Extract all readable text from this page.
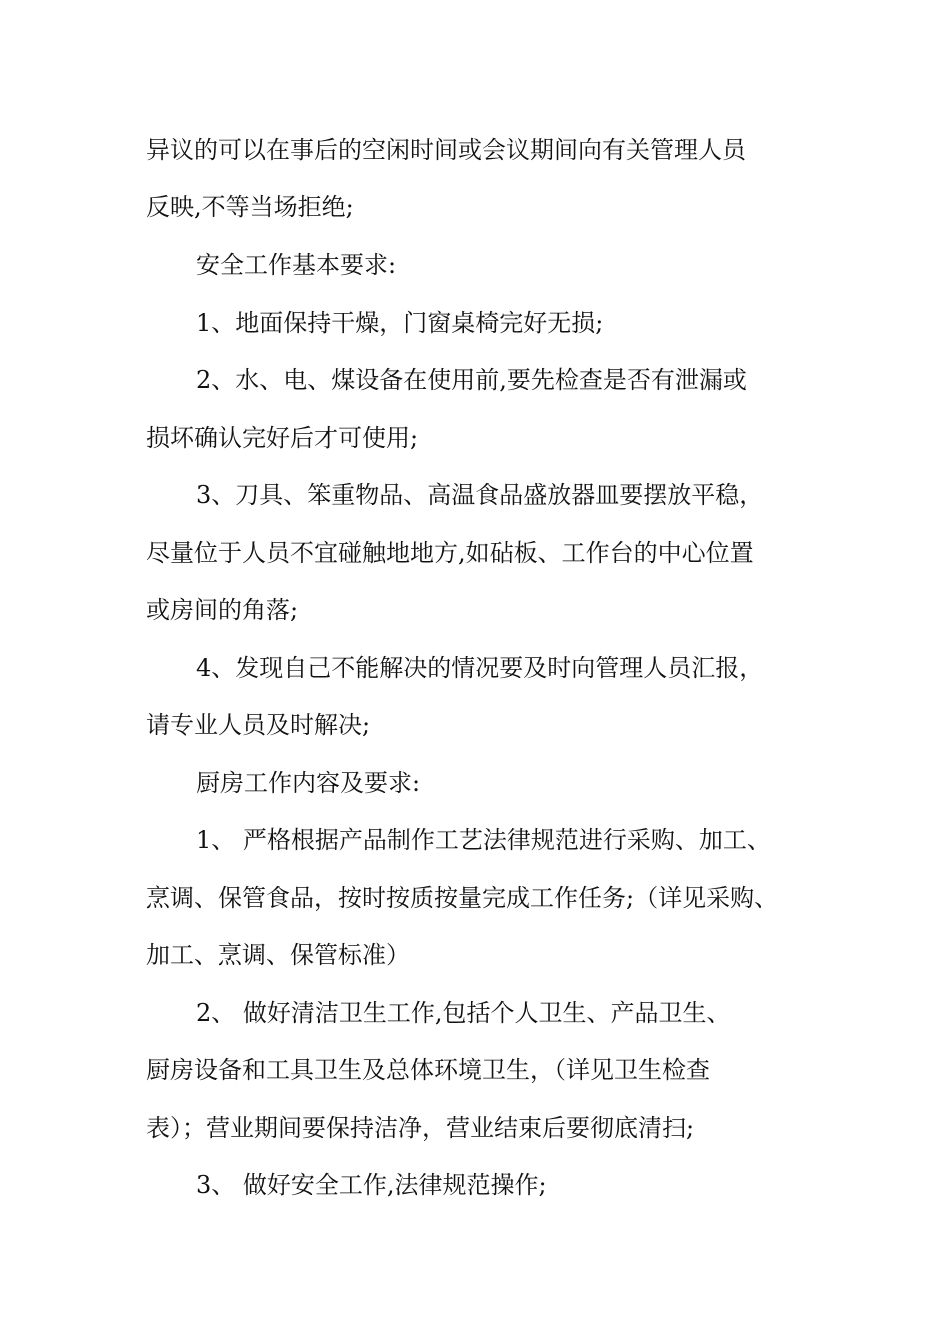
异议的可以在事后的空闲时间或会议期间向有关管理人员
反映,不等当场拒绝;
安全工作基本要求:
1、地面保持干燥，门窗桌椅完好无损;
2、水、电、煤设备在使用前,要先检查是否有泄漏或
损坏确认完好后才可使用;
3、刀具、笨重物品、高温食品盛放器皿要摆放平稳，
尽量位于人员不宜碰触地地方,如砧板、工作台的中心位置
或房间的角落;
4、发现自己不能解决的情况要及时向管理人员汇报，
请专业人员及时解决;
厨房工作内容及要求:
1、 严格根据产品制作工艺法律规范进行采购、加工、
烹调、保管食品，按时按质按量完成工作任务;（详见采购、
加工、烹调、保管标准）
2、 做好清洁卫生工作,包括个人卫生、产品卫生、
厨房设备和工具卫生及总体环境卫生，（详见卫生检查
表）；营业期间要保持洁净，营业结束后要彻底清扫;
3、 做好安全工作,法律规范操作;
